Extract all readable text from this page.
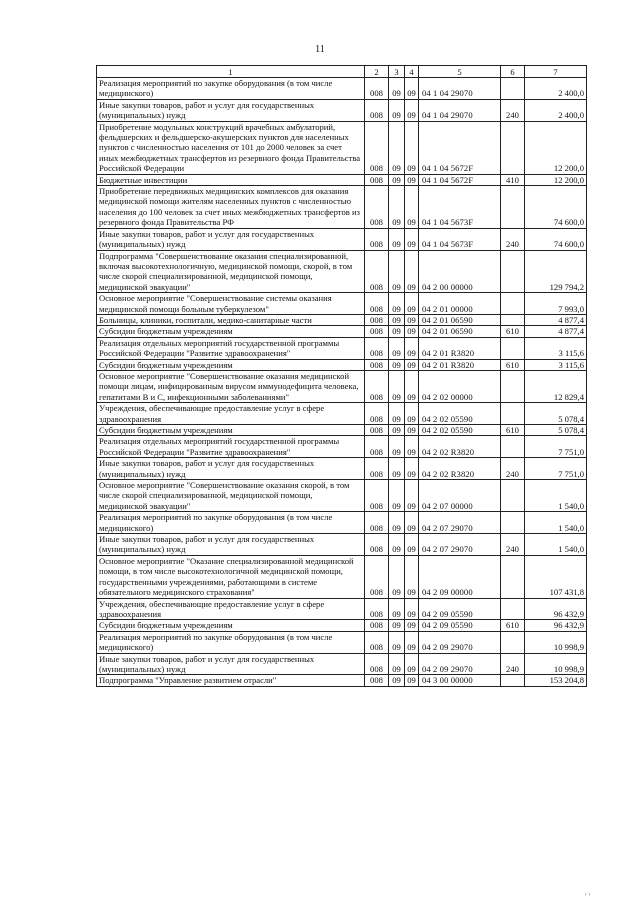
11
1	2	3	4	5	6	7
Реализация мероприятий по закупке оборудования (в том числе медицинского)	008	09	09	04 1 04 29070		2 400,0
Иные закупки товаров, работ и услуг для государственных (муниципальных) нужд	008	09	09	04 1 04 29070	240	2 400,0
Приобретение модульных конструкций врачебных амбулаторий, фельдшерских и фельдшерско-акушерских пунктов для населенных пунктов с численностью населения от 101 до 2000 человек за счет иных межбюджетных трансфертов из резервного фонда Правительства Российской Федерации	008	09	09	04 1 04 5672F		12 200,0
Бюджетные инвестиции	008	09	09	04 1 04 5672F	410	12 200,0
Приобретение передвижных медицинских комплексов для оказания медицинской помощи жителям населенных пунктов с численностью населения до 100 человек за счет иных межбюджетных трансфертов из резервного фонда Правительства РФ	008	09	09	04 1 04 5673F		74 600,0
Иные закупки товаров, работ и услуг для государственных (муниципальных) нужд	008	09	09	04 1 04 5673F	240	74 600,0
Подпрограмма "Совершенствование оказания специализированной, включая высокотехнологичную, медицинской помощи, скорой, в том числе скорой специализированной, медицинской помощи, медицинской эвакуации"	008	09	09	04 2 00 00000		129 794,2
Основное мероприятие "Совершенствование системы оказания медицинской помощи больным туберкулезом"	008	09	09	04 2 01 00000		7 993,0
Больницы, клиники, госпитали, медико-санитарные части	008	09	09	04 2 01 06590		4 877,4
Субсидии бюджетным учреждениям	008	09	09	04 2 01 06590	610	4 877,4
Реализация отдельных мероприятий государственной программы Российской Федерации "Развитие здравоохранения"	008	09	09	04 2 01 R3820		3 115,6
Субсидии бюджетным учреждениям	008	09	09	04 2 01 R3820	610	3 115,6
Основное мероприятие "Совершенствование оказания медицинской помощи лицам, инфицированным вирусом иммунодефицита человека, гепатитами В и С, инфекционными заболеваниями"	008	09	09	04 2 02 00000		12 829,4
Учреждения, обеспечивающие предоставление услуг в сфере здравоохранения	008	09	09	04 2 02 05590		5 078,4
Субсидии бюджетным учреждениям	008	09	09	04 2 02 05590	610	5 078,4
Реализация отдельных мероприятий государственной программы Российской Федерации "Развитие здравоохранения"	008	09	09	04 2 02 R3820		7 751,0
Иные закупки товаров, работ и услуг для государственных (муниципальных) нужд	008	09	09	04 2 02 R3820	240	7 751,0
Основное мероприятие "Совершенствование оказания скорой, в том числе скорой специализированной, медицинской помощи, медицинской эвакуации"	008	09	09	04 2 07 00000		1 540,0
Реализация мероприятий по закупке оборудования (в том числе медицинского)	008	09	09	04 2 07 29070		1 540,0
Иные закупки товаров, работ и услуг для государственных (муниципальных) нужд	008	09	09	04 2 07 29070	240	1 540,0
Основное мероприятие "Оказание специализированной медицинской помощи, в том числе высокотехнологичной медицинской помощи, государственными учреждениями, работающими в системе обязательного медицинского страхования"	008	09	09	04 2 09 00000		107 431,8
Учреждения, обеспечивающие предоставление услуг в сфере здравоохранения	008	09	09	04 2 09 05590		96 432,9
Субсидии бюджетным учреждениям	008	09	09	04 2 09 05590	610	96 432,9
Реализация мероприятий по закупке оборудования (в том числе медицинского)	008	09	09	04 2 09 29070		10 998,9
Иные закупки товаров, работ и услуг для государственных (муниципальных) нужд	008	09	09	04 2 09 29070	240	10 998,9
Подпрограмма "Управление развитием отрасли"	008	09	09	04 3 00 00000		153 204,8
' '
